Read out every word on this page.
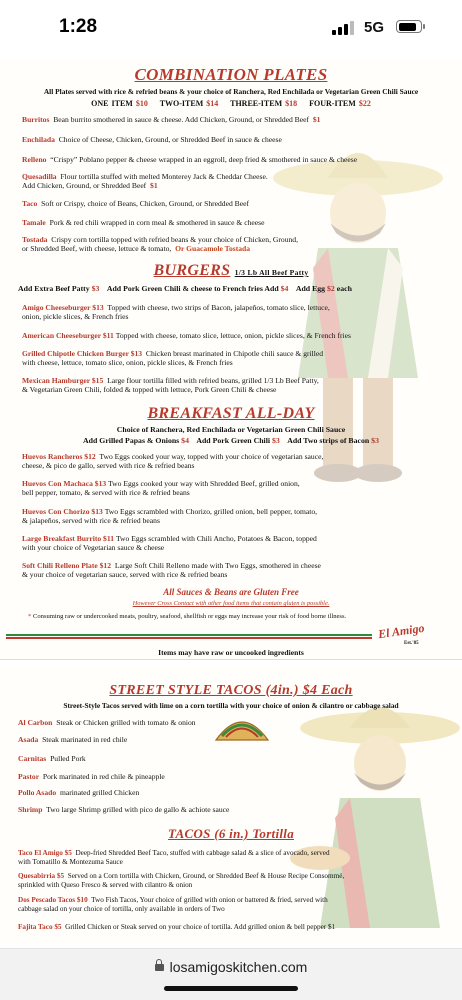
1:28	5G
COMBINATION PLATES
All Plates served with rice & refried beans & your choice of Ranchera, Red Enchilada or Vegetarian Green Chili Sauce
ONE ITEM $10 TWO-ITEM $14 THREE-ITEM $18 FOUR-ITEM $22
Burritos Bean burrito smothered in sauce & cheese. Add Chicken, Ground, or Shredded Beef $1
Enchilada Choice of Cheese, Chicken, Ground, or Shredded Beef in sauce & cheese
Relleno “Crispy” Poblano pepper & cheese wrapped in an eggroll, deep fried & smothered in sauce & cheese
Quesadilla Flour tortilla stuffed with melted Monterey Jack & Cheddar Cheese.
Add Chicken, Ground, or Shredded Beef $1
Taco Soft or Crispy, choice of Beans, Chicken, Ground, or Shredded Beef
Tamale Pork & red chili wrapped in corn meal & smothered in sauce & cheese
Tostada Crispy corn tortilla topped with refried beans & your choice of Chicken, Ground,
or Shredded Beef, with cheese, lettuce & tomato, Or Guacamole Tostada
BURGERS 1/3 Lb All Beef Patty
Add Extra Beef Patty $3 Add Pork Green Chili & cheese to French fries Add $4 Add Egg $2 each
Amigo Cheeseburger $13 Topped with cheese, two strips of Bacon, jalapeños, tomato slice, lettuce,
onion, pickle slices, & French fries
American Cheeseburger $11 Topped with cheese, tomato slice, lettuce, onion, pickle slices, & French fries
Grilled Chipotle Chicken Burger $13 Chicken breast marinated in Chipotle chili sauce & grilled
with cheese, lettuce, tomato slice, onion, pickle slices, & French fries
Mexican Hamburger $15 Large flour tortilla filled with refried beans, grilled 1/3 Lb Beef Patty,
& Vegetarian Green Chili, folded & topped with lettuce, Pork Green Chili & cheese
BREAKFAST ALL-DAY
Choice of Ranchera, Red Enchilada or Vegetarian Green Chili Sauce
Add Grilled Papas & Onions $4 Add Pork Green Chili $3 Add Two strips of Bacon $3
Huevos Rancheros $12 Two Eggs cooked your way, topped with your choice of vegetarian sauce,
cheese, & pico de gallo, served with rice & refried beans
Huevos Con Machaca $13 Two Eggs cooked your way with Shredded Beef, grilled onion,
bell pepper, tomato, & served with rice & refried beans
Huevos Con Chorizo $13 Two Eggs scrambled with Chorizo, grilled onion, bell pepper, tomato,
& jalapeños, served with rice & refried beans
Large Breakfast Burrito $11 Two Eggs scrambled with Chili Ancho, Potatoes & Bacon, topped
with your choice of Vegetarian sauce & cheese
Soft Chili Relleno Plate $12 Large Soft Chili Relleno made with Two Eggs, smothered in cheese
& your choice of vegetarian sauce, served with rice & refried beans
All Sauces & Beans are Gluten Free
However Cross Contact with other food items that contain gluten is possible.
* Consuming raw or undercooked meats, poultry, seafood, shellfish or eggs may increase your risk of food borne illness.
El Amigo
Est.'85
Items may have raw or uncooked ingredients
STREET STYLE TACOS (4in.) $4 Each
Street-Style Tacos served with lime on a corn tortilla with your choice of onion & cilantro or cabbage salad
Al Carbon Steak or Chicken grilled with tomato & onion
Asada Steak marinated in red chile
Carnitas Pulled Pork
Pastor Pork marinated in red chile & pineapple
Pollo Asado marinated grilled Chicken
Shrimp Two large Shrimp grilled with pico de gallo & achiote sauce
TACOS (6 in.) Tortilla
Taco El Amigo $5 Deep-fried Shredded Beef Taco, stuffed with cabbage salad & a slice of avocado, served
with Tomatillo & Montezuma Sauce
Quesabirria $5 Served on a Corn tortilla with Chicken, Ground, or Shredded Beef & House Recipe Consommé,
sprinkled with Queso Fresco & served with cilantro & onion
Dos Pescado Tacos $10 Two Fish Tacos, Your choice of grilled with onion or battered & fried, served with
cabbage salad on your choice of tortilla, only available in orders of Two
Fajita Taco $5 Grilled Chicken or Steak served on your choice of tortilla. Add grilled onion & bell pepper $1
losamigoskitchen.com
